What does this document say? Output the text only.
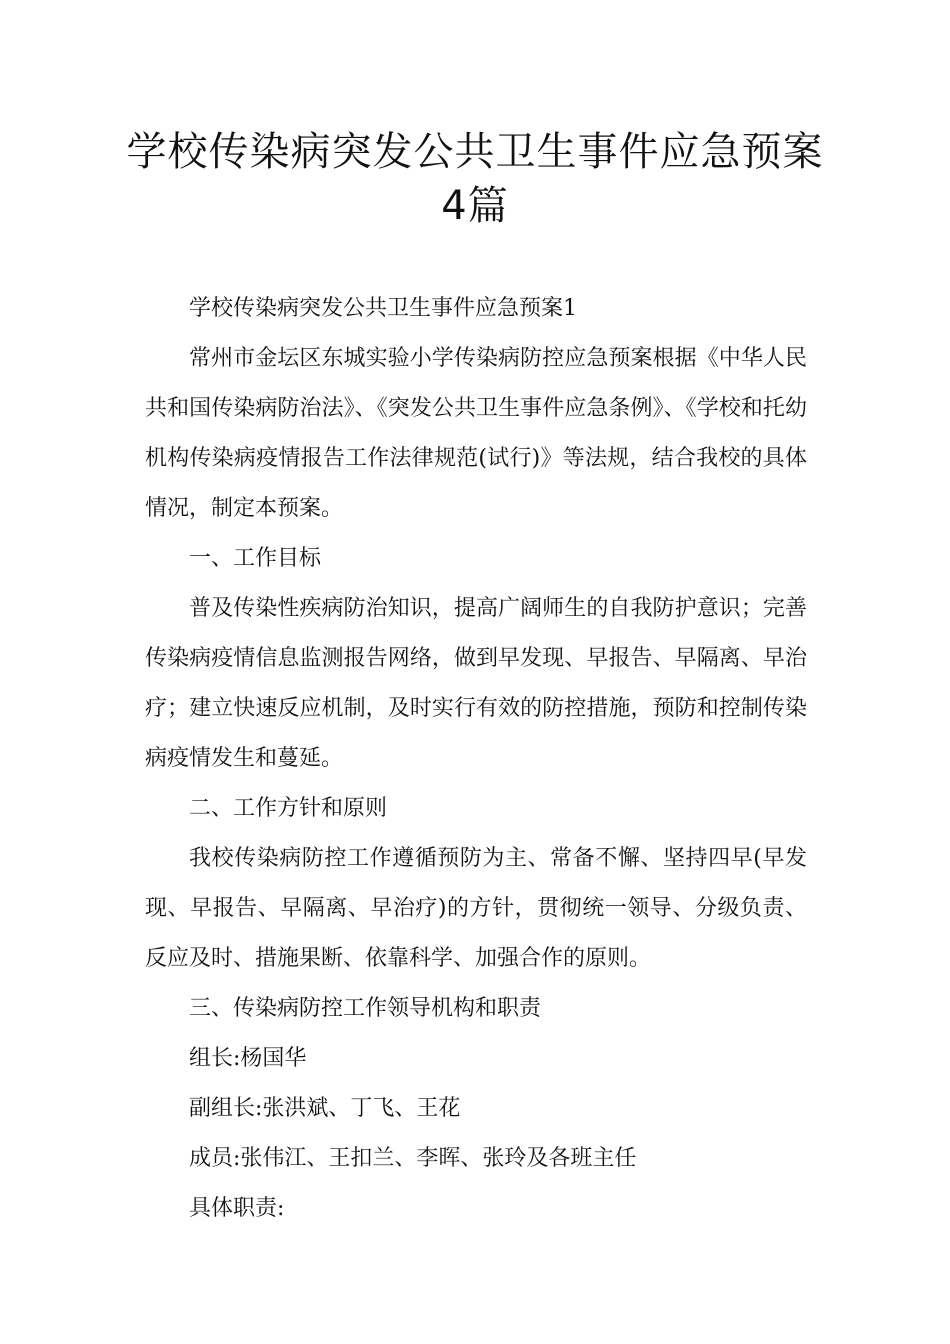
学校传染病突发公共卫生事件应急预案
4篇

学校传染病突发公共卫生事件应急预案1

常州市金坛区东城实验小学传染病防控应急预案根据《中华人民共和国传染病防治法》、《突发公共卫生事件应急条例》、《学校和托幼机构传染病疫情报告工作法律规范(试行)》等法规，结合我校的具体情况，制定本预案。

一、工作目标

普及传染性疾病防治知识，提高广阔师生的自我防护意识；完善传染病疫情信息监测报告网络，做到早发现、早报告、早隔离、早治疗；建立快速反应机制，及时实行有效的防控措施，预防和控制传染病疫情发生和蔓延。

二、工作方针和原则

我校传染病防控工作遵循预防为主、常备不懈、坚持四早(早发现、早报告、早隔离、早治疗)的方针，贯彻统一领导、分级负责、反应及时、措施果断、依靠科学、加强合作的原则。

三、传染病防控工作领导机构和职责

组长:杨国华

副组长:张洪斌、丁飞、王花

成员:张伟江、王扣兰、李晖、张玲及各班主任

具体职责:
